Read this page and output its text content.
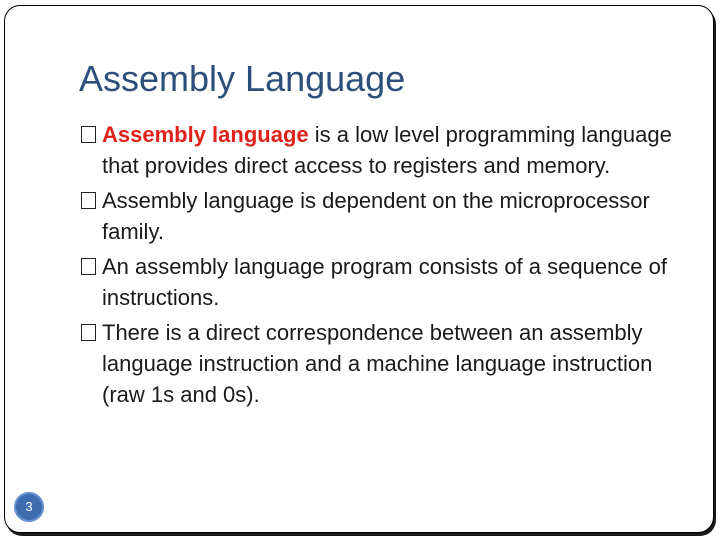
Assembly Language

Assembly language is a low level programming language that provides direct access to registers and memory.

Assembly language is dependent on the microprocessor family.

An assembly language program consists of a sequence of instructions.

There is a direct correspondence between an assembly language instruction and a machine language instruction (raw 1s and 0s).

3
